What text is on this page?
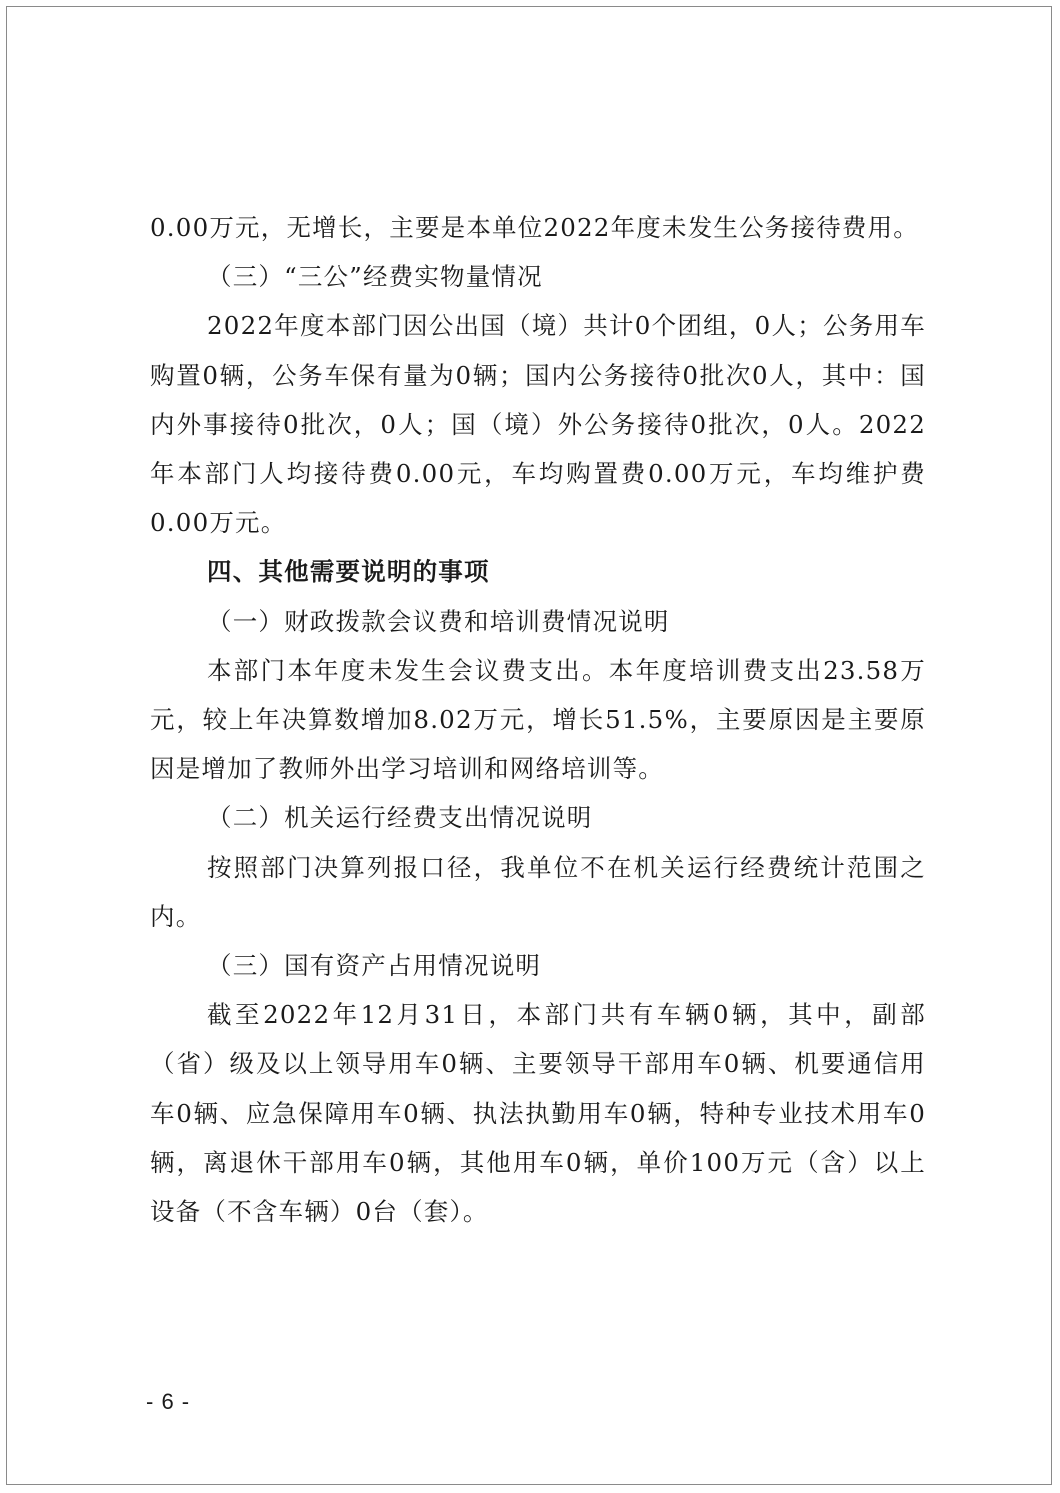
0.00万元，无增长，主要是本单位2022年度未发生公务接待费用。

（三）“三公”经费实物量情况

2022年度本部门因公出国（境）共计0个团组，0人；公务用车购置0辆，公务车保有量为0辆；国内公务接待0批次0人，其中：国内外事接待0批次，0人；国（境）外公务接待0批次，0人。2022年本部门人均接待费0.00元，车均购置费0.00万元，车均维护费0.00万元。

四、其他需要说明的事项

（一）财政拨款会议费和培训费情况说明

本部门本年度未发生会议费支出。本年度培训费支出23.58万元，较上年决算数增加8.02万元，增长51.5%，主要原因是主要原因是增加了教师外出学习培训和网络培训等。

（二）机关运行经费支出情况说明

按照部门决算列报口径，我单位不在机关运行经费统计范围之内。

（三）国有资产占用情况说明

截至2022年12月31日，本部门共有车辆0辆，其中，副部（省）级及以上领导用车0辆、主要领导干部用车0辆、机要通信用车0辆、应急保障用车0辆、执法执勤用车0辆，特种专业技术用车0辆，离退休干部用车0辆，其他用车0辆，单价100万元（含）以上设备（不含车辆）0台（套）。

- 6 -
